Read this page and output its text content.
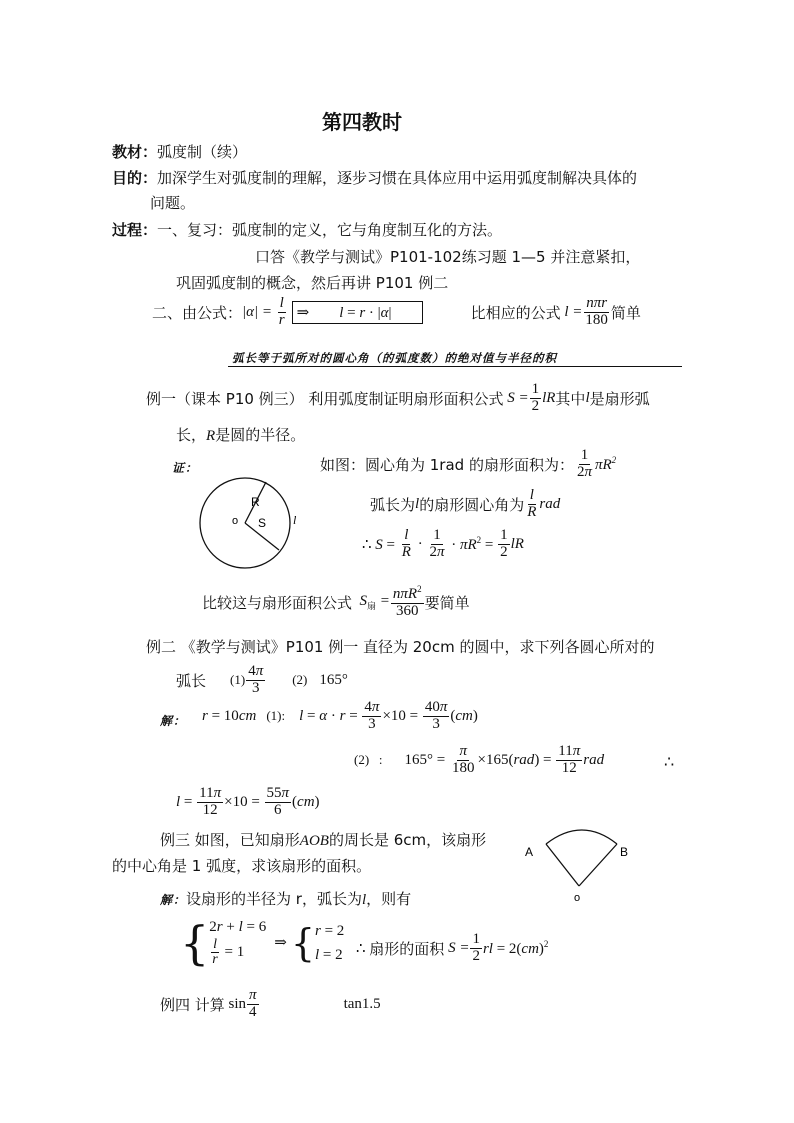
第四教时
教材：弧度制（续）
目的：加深学生对弧度制的理解，逐步习惯在具体应用中运用弧度制解决具体的
问题。
过程：一、复习：弧度制的定义，它与角度制互化的方法。
口答《教学与测试》P101-102练习题 1—5 并注意紧扣，
巩固弧度制的概念，然后再讲 P101 例二
二、由公式： $|\alpha| = \frac{l}{r}$ ⇒        l = r · |α|	比相应的公式 $l = \frac{\text{nπr}}{180}$ 简单
弧长等于弧所对的圆心角（的弧度数）的绝对值与半径的积
例一（课本 P10 例三） 利用弧度制证明扇形面积公式 $S = \frac{1}{2}$ lR 其中 l 是扇形弧
长，R是圆的半径。
证：	如图：圆心角为 1rad 的扇形面积为： $\frac{1}{2\pi} \pi R^2$
弧长为 l 的扇形圆心角为 $\frac{l}{R}$ rad
∴ $S = \frac{l}{R} \cdot \frac{1}{2\pi} \cdot \pi R^2 = \frac{1}{2}$ lR
R
o S l
比较这与扇形面积公式 $S_扇 = \frac{n\pi R^2}{360}$ 要简单
例二 《教学与测试》P101 例一 直径为 20cm 的圆中，求下列各圆心所对的
弧长 $(1) \frac{4\pi}{3} (2)$ 165°
解： r = 10cm (1): $l = \alpha \cdot r = \frac{4\pi}{3} \times 10 = \frac{40\pi}{3} (cm)$
(2)   : $165^\circ = \frac{\pi}{180} \times 165(rad) = \frac{11\pi}{12}$ rad	∴
$l = \frac{11\pi}{12} \times 10 = \frac{55\pi}{6} (cm)$
例三 如图，已知扇形AOB的周长是 6cm，该扇形
的中心角是 1 弧度，求该扇形的面积。
A	B
o
解：设扇形的半径为 r，弧长为l，则有
{ 2r + l = 6
$\frac{l}{r} = 1$
⇒ { r = 2
l = 2 ∴ 扇形的面积 $S = \frac{1}{2}$ rl = 2(cm)$^2$
例四 计算 $\sin \frac{\pi}{4}$	tan1.5
